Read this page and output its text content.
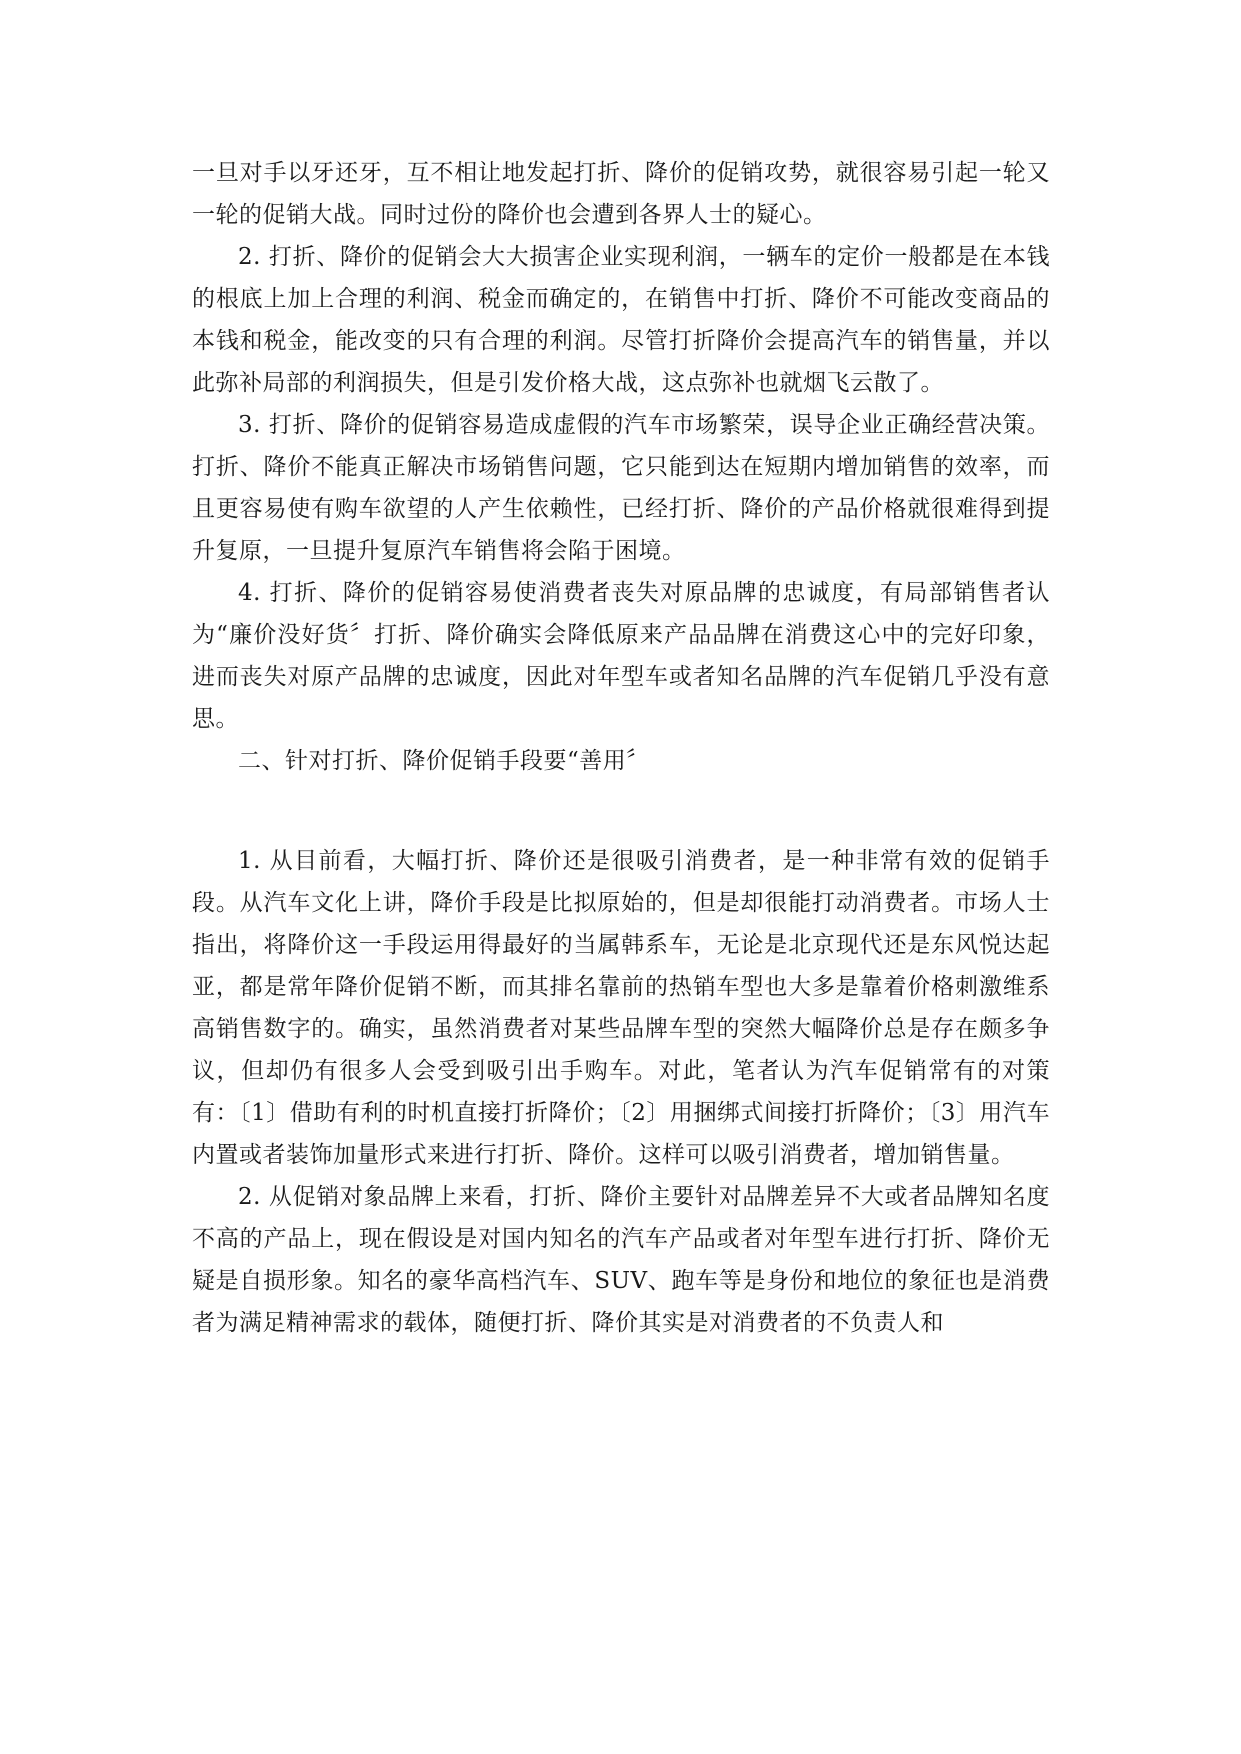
一旦对手以牙还牙，互不相让地发起打折、降价的促销攻势，就很容易引起一轮又一轮的促销大战。同时过份的降价也会遭到各界人士的疑心。

2. 打折、降价的促销会大大损害企业实现利润，一辆车的定价一般都是在本钱的根底上加上合理的利润、税金而确定的，在销售中打折、降价不可能改变商品的本钱和税金，能改变的只有合理的利润。尽管打折降价会提高汽车的销售量，并以此弥补局部的利润损失，但是引发价格大战，这点弥补也就烟飞云散了。

3. 打折、降价的促销容易造成虚假的汽车市场繁荣，误导企业正确经营决策。打折、降价不能真正解决市场销售问题，它只能到达在短期内增加销售的效率，而且更容易使有购车欲望的人产生依赖性，已经打折、降价的产品价格就很难得到提升复原，一旦提升复原汽车销售将会陷于困境。

4. 打折、降价的促销容易使消费者丧失对原品牌的忠诚度，有局部销售者认为“廉价没好货〞打折、降价确实会降低原来产品品牌在消费这心中的完好印象，进而丧失对原产品牌的忠诚度，因此对年型车或者知名品牌的汽车促销几乎没有意思。

二、针对打折、降价促销手段要“善用〞

1. 从目前看，大幅打折、降价还是很吸引消费者，是一种非常有效的促销手段。从汽车文化上讲，降价手段是比拟原始的，但是却很能打动消费者。市场人士指出，将降价这一手段运用得最好的当属韩系车，无论是北京现代还是东风悦达起亚，都是常年降价促销不断，而其排名靠前的热销车型也大多是靠着价格刺激维系高销售数字的。确实，虽然消费者对某些品牌车型的突然大幅降价总是存在颇多争议，但却仍有很多人会受到吸引出手购车。对此，笔者认为汽车促销常有的对策有：〔1〕借助有利的时机直接打折降价；〔2〕用捆绑式间接打折降价；〔3〕用汽车内置或者装饰加量形式来进行打折、降价。这样可以吸引消费者，增加销售量。

2. 从促销对象品牌上来看，打折、降价主要针对品牌差异不大或者品牌知名度不高的产品上，现在假设是对国内知名的汽车产品或者对年型车进行打折、降价无疑是自损形象。知名的豪华高档汽车、SUV、跑车等是身份和地位的象征也是消费者为满足精神需求的载体，随便打折、降价其实是对消费者的不负责人和
